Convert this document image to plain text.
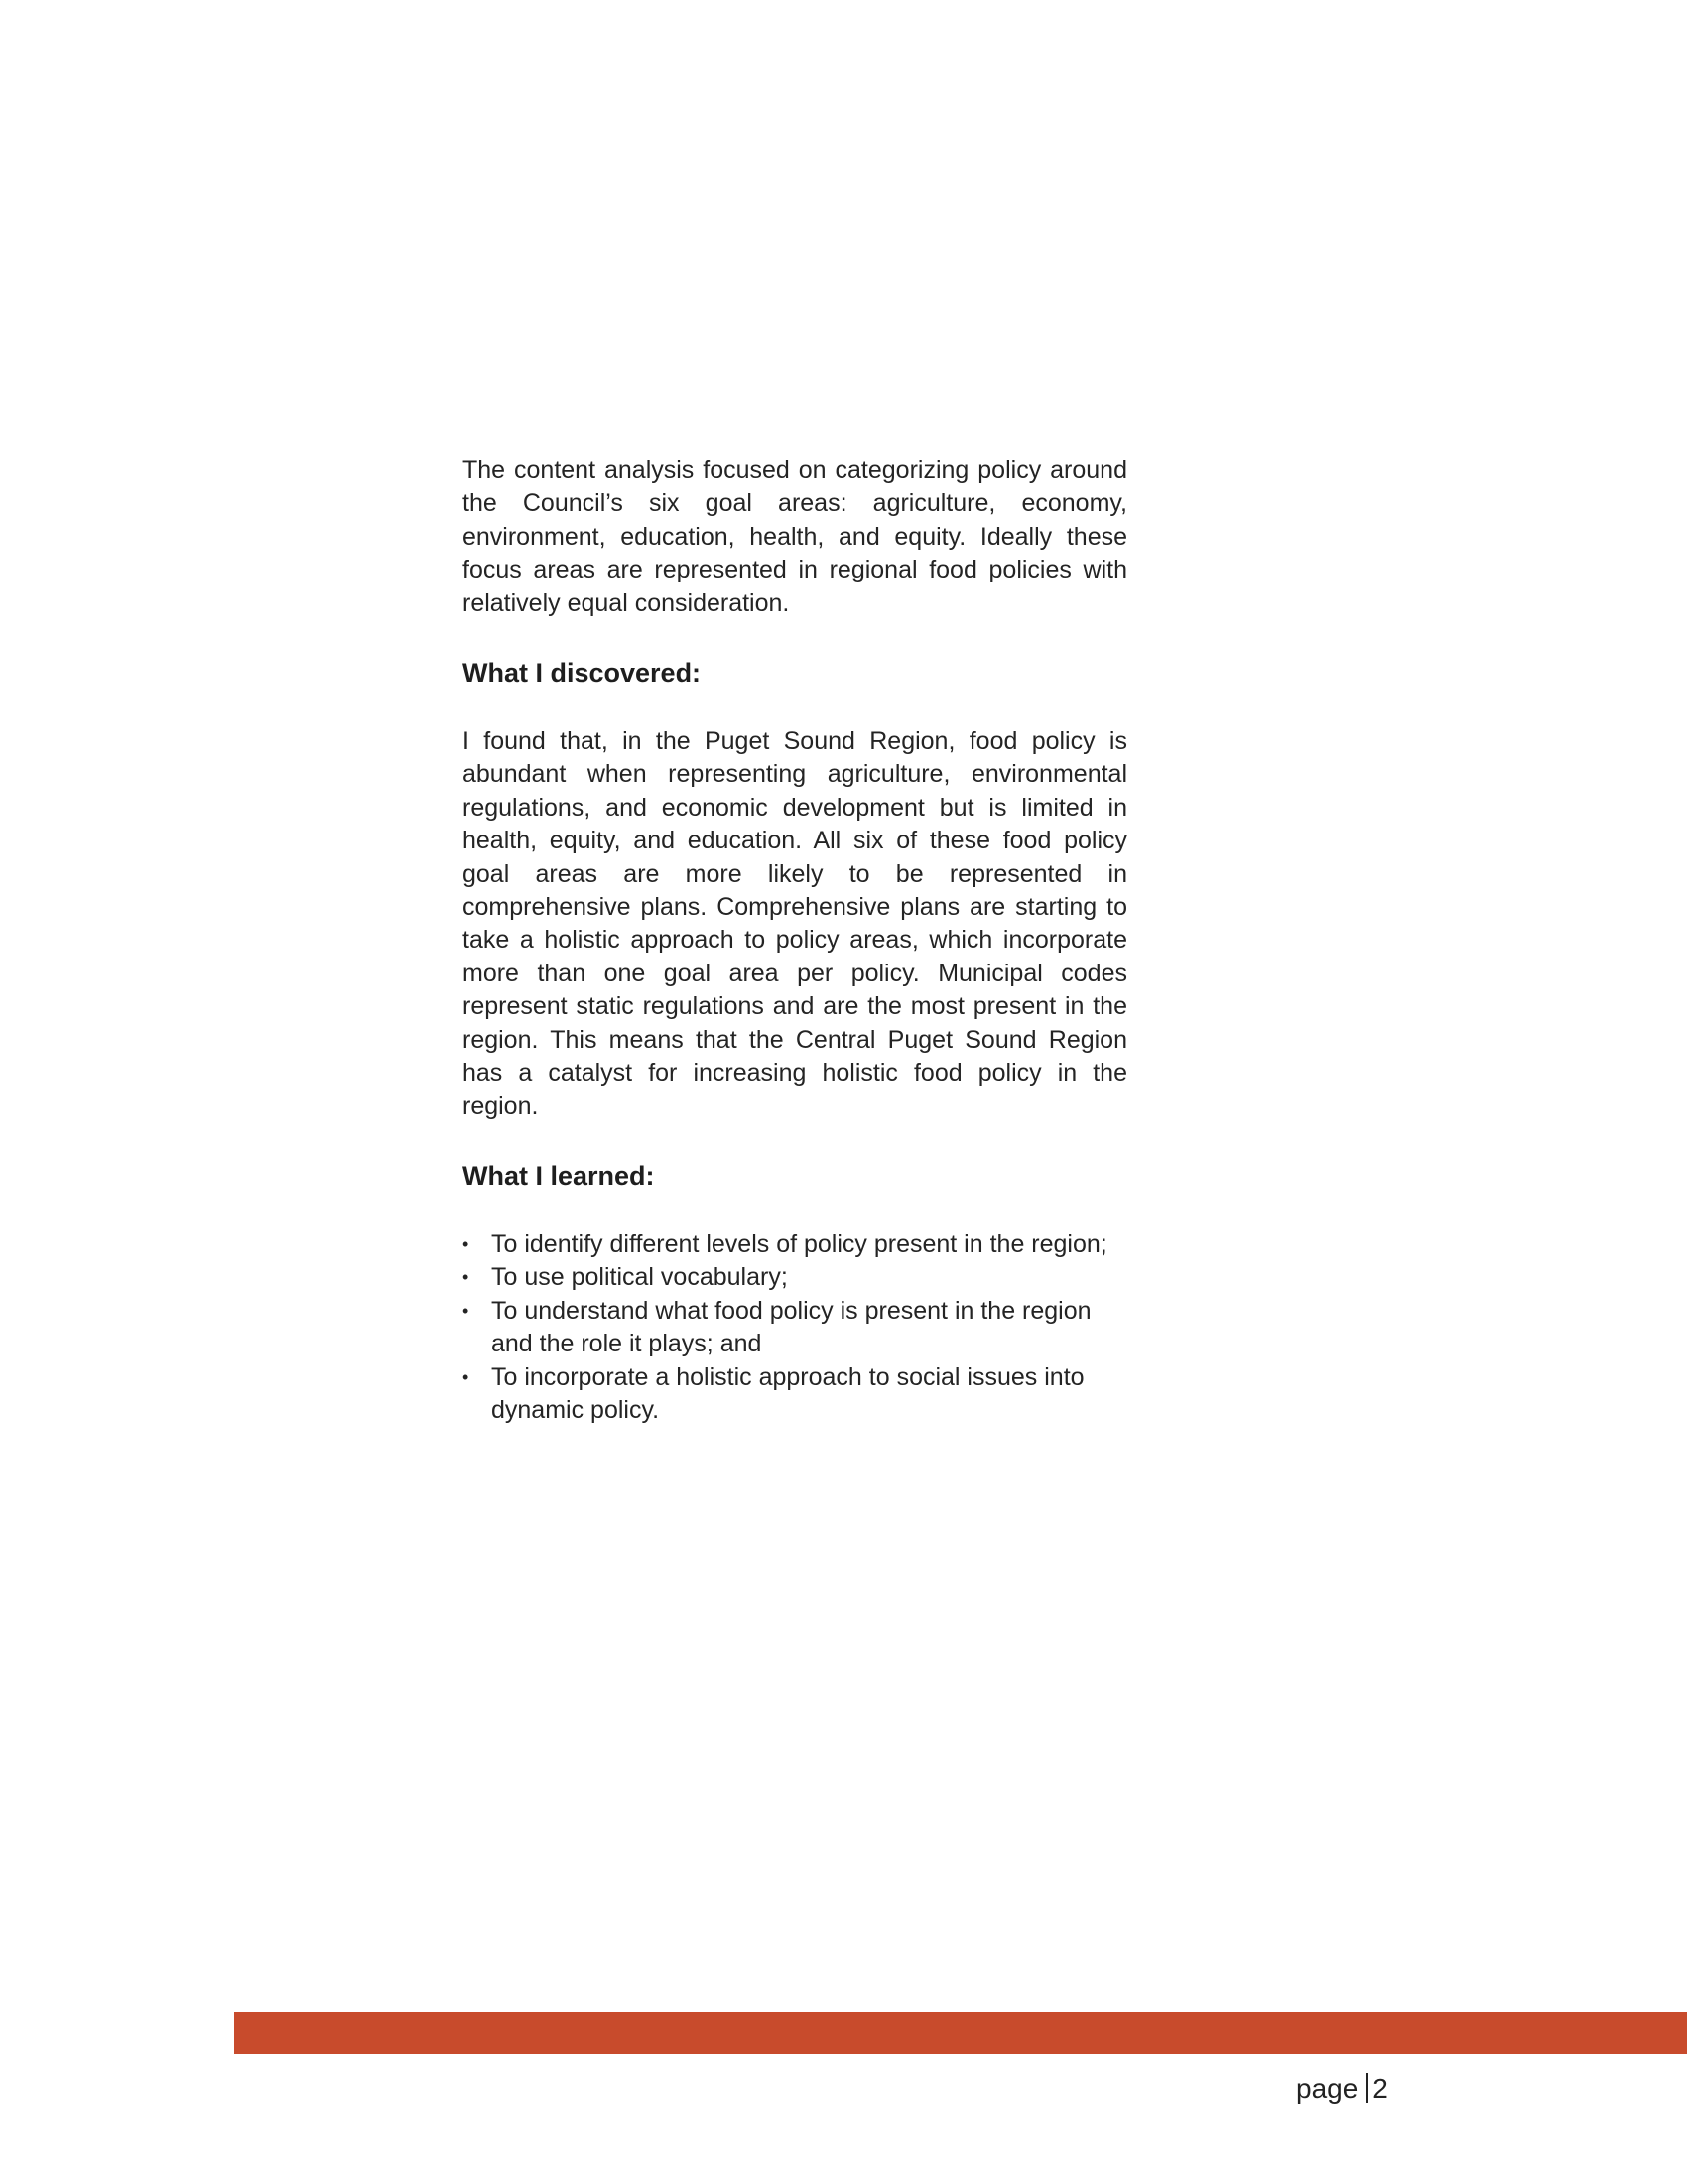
The content analysis focused on categorizing policy around the Council’s six goal areas: agriculture, economy, environment, education, health, and equity. Ideally these focus areas are represented in regional food policies with relatively equal consideration.

What I discovered:

I found that, in the Puget Sound Region, food policy is abundant when representing agriculture, environmental regulations, and economic development but is limited in health, equity, and education. All six of these food policy goal areas are more likely to be represented in comprehensive plans. Comprehensive plans are starting to take a holistic approach to policy areas, which incorporate more than one goal area per policy. Municipal codes represent static regulations and are the most present in the region. This means that the Central Puget Sound Region has a catalyst for increasing holistic food policy in the region.

What I learned:
• To identify different levels of policy present in the region;
• To use political vocabulary;
• To understand what food policy is present in the region and the role it plays; and
• To incorporate a holistic approach to social issues into dynamic policy.
page 2
